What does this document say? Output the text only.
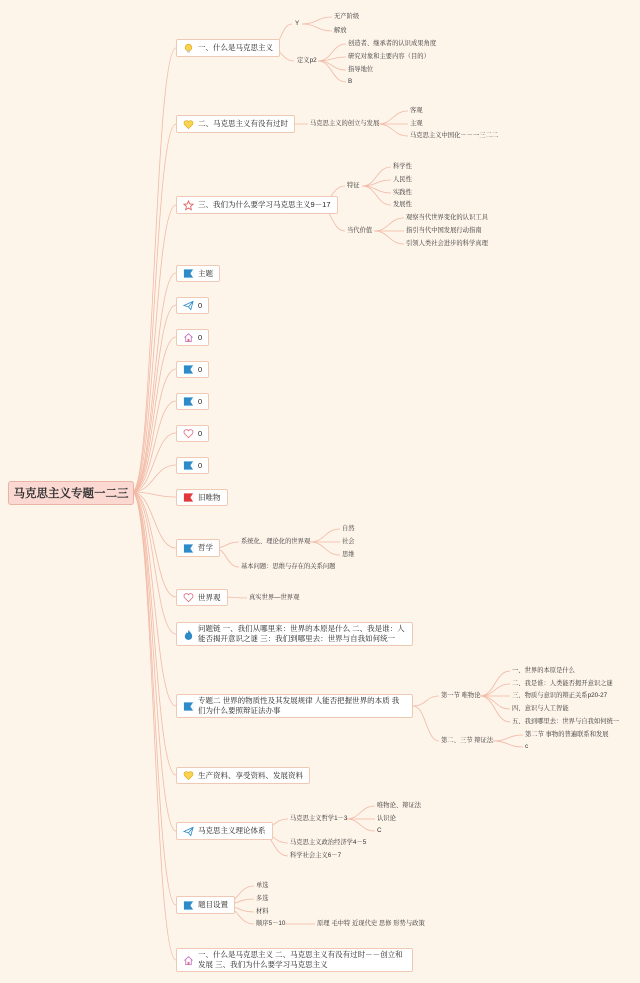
马克思主义专题一二三
一、什么是马克思主义
Y
无产阶级
解放
定义p2
创造者、继承者的认识成果角度
研究对象和主要内容（目的）
指导地位
B
二、马克思主义有没有过时	马克思主义的创立与发展
客观
主观
马克思主义中国化－－一三二二
三、我们为什么要学习马克思主义9－17
特征
科学性
人民性
实践性
发展性
当代价值
观察当代世界变化的认识工具
指引当代中国发展行动指南
引领人类社会进步的科学真理
主题
0
0
0
0
0
0
旧唯物
哲学
系统化、理论化的世界观
自然
社会
思维
基本问题：思维与存在的关系问题
世界观	真实世界—世界观
问题链 一、我们从哪里来：世界的本原是什么 二、我是谁：人能否揭开意识之谜 三：我们到哪里去：世界与自我如何统一
专题二 世界的物质性及其发展规律 人能否把握世界的本质 我们为什么要照辩证法办事
第一节 唯物论
一、世界的本原是什么
二、我是谁：人类能否揭开意识之谜
三、物质与意识的辩正关系p20-27
四、意识与人工智能
五、我到哪里去：世界与自我如何统一
第二、三节 辩证法
第二节 事物的普遍联系和发展
c
生产资料、享受资料、发展资料
马克思主义理论体系
马克思主义哲学1－3
唯物论、辩证法
认识论
C
马克思主义政治经济学4－5
科学社会主义6－7
题目设置
单选
多选
材料
顺序5－10	原理 毛中特 近现代史 思修 形势与政策
一、什么是马克思主义 二、马克思主义有没有过时－－创立和发展 三、我们为什么要学习马克思主义
